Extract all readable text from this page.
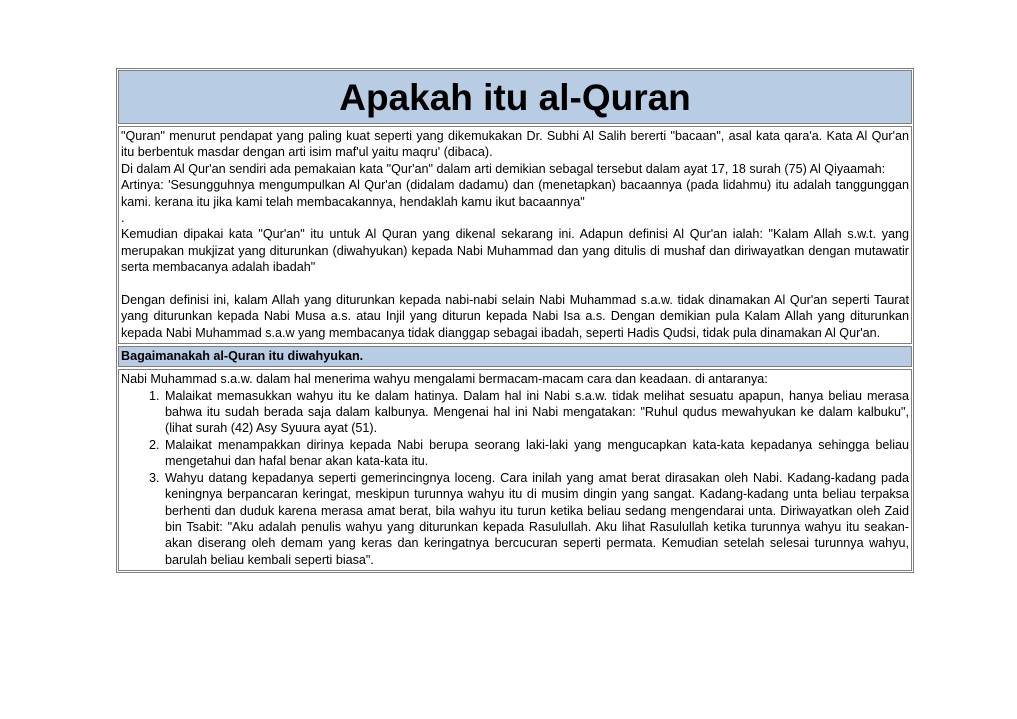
Apakah itu al-Quran

"Quran" menurut pendapat yang paling kuat seperti yang dikemukakan Dr. Subhi Al Salih bererti "bacaan", asal kata qara'a. Kata Al Qur'an itu berbentuk masdar dengan arti isim maf'ul yaitu maqru' (dibaca).

Di dalam Al Qur'an sendiri ada pemakaian kata "Qur'an" dalam arti demikian sebagal tersebut dalam ayat 17, 18 surah (75) Al Qiyaamah:

Artinya: 'Sesungguhnya mengumpulkan Al Qur'an (didalam dadamu) dan (menetapkan) bacaannya (pada lidahmu) itu adalah tanggunggan kami. kerana itu jika kami telah membacakannya, hendaklah kamu ikut bacaannya"

.

Kemudian dipakai kata "Qur'an" itu untuk Al Quran yang dikenal sekarang ini. Adapun definisi Al Qur'an ialah: "Kalam Allah s.w.t. yang merupakan mukjizat yang diturunkan (diwahyukan) kepada Nabi Muhammad dan yang ditulis di mushaf dan diriwayatkan dengan mutawatir serta membacanya adalah ibadah"

Dengan definisi ini, kalam Allah yang diturunkan kepada nabi-nabi selain Nabi Muhammad s.a.w. tidak dinamakan Al Qur'an seperti Taurat yang diturunkan kepada Nabi Musa a.s. atau Injil yang diturun kepada Nabi Isa a.s. Dengan demikian pula Kalam Allah yang diturunkan kepada Nabi Muhammad s.a.w yang membacanya tidak dianggap sebagai ibadah, seperti Hadis Qudsi, tidak pula dinamakan Al Qur'an.

Bagaimanakah al-Quran itu diwahyukan.

Nabi Muhammad s.a.w. dalam hal menerima wahyu mengalami bermacam-macam cara dan keadaan. di antaranya:

1. Malaikat memasukkan wahyu itu ke dalam hatinya. Dalam hal ini Nabi s.a.w. tidak melihat sesuatu apapun, hanya beliau merasa bahwa itu sudah berada saja dalam kalbunya. Mengenai hal ini Nabi mengatakan: "Ruhul qudus mewahyukan ke dalam kalbuku", (lihat surah (42) Asy Syuura ayat (51).
2. Malaikat menampakkan dirinya kepada Nabi berupa seorang laki-laki yang mengucapkan kata-kata kepadanya sehingga beliau mengetahui dan hafal benar akan kata-kata itu.
3. Wahyu datang kepadanya seperti gemerincingnya loceng. Cara inilah yang amat berat dirasakan oleh Nabi. Kadang-kadang pada keningnya berpancaran keringat, meskipun turunnya wahyu itu di musim dingin yang sangat. Kadang-kadang unta beliau terpaksa berhenti dan duduk karena merasa amat berat, bila wahyu itu turun ketika beliau sedang mengendarai unta. Diriwayatkan oleh Zaid bin Tsabit: "Aku adalah penulis wahyu yang diturunkan kepada Rasulullah. Aku lihat Rasulullah ketika turunnya wahyu itu seakan-akan diserang oleh demam yang keras dan keringatnya bercucuran seperti permata. Kemudian setelah selesai turunnya wahyu, barulah beliau kembali seperti biasa".
